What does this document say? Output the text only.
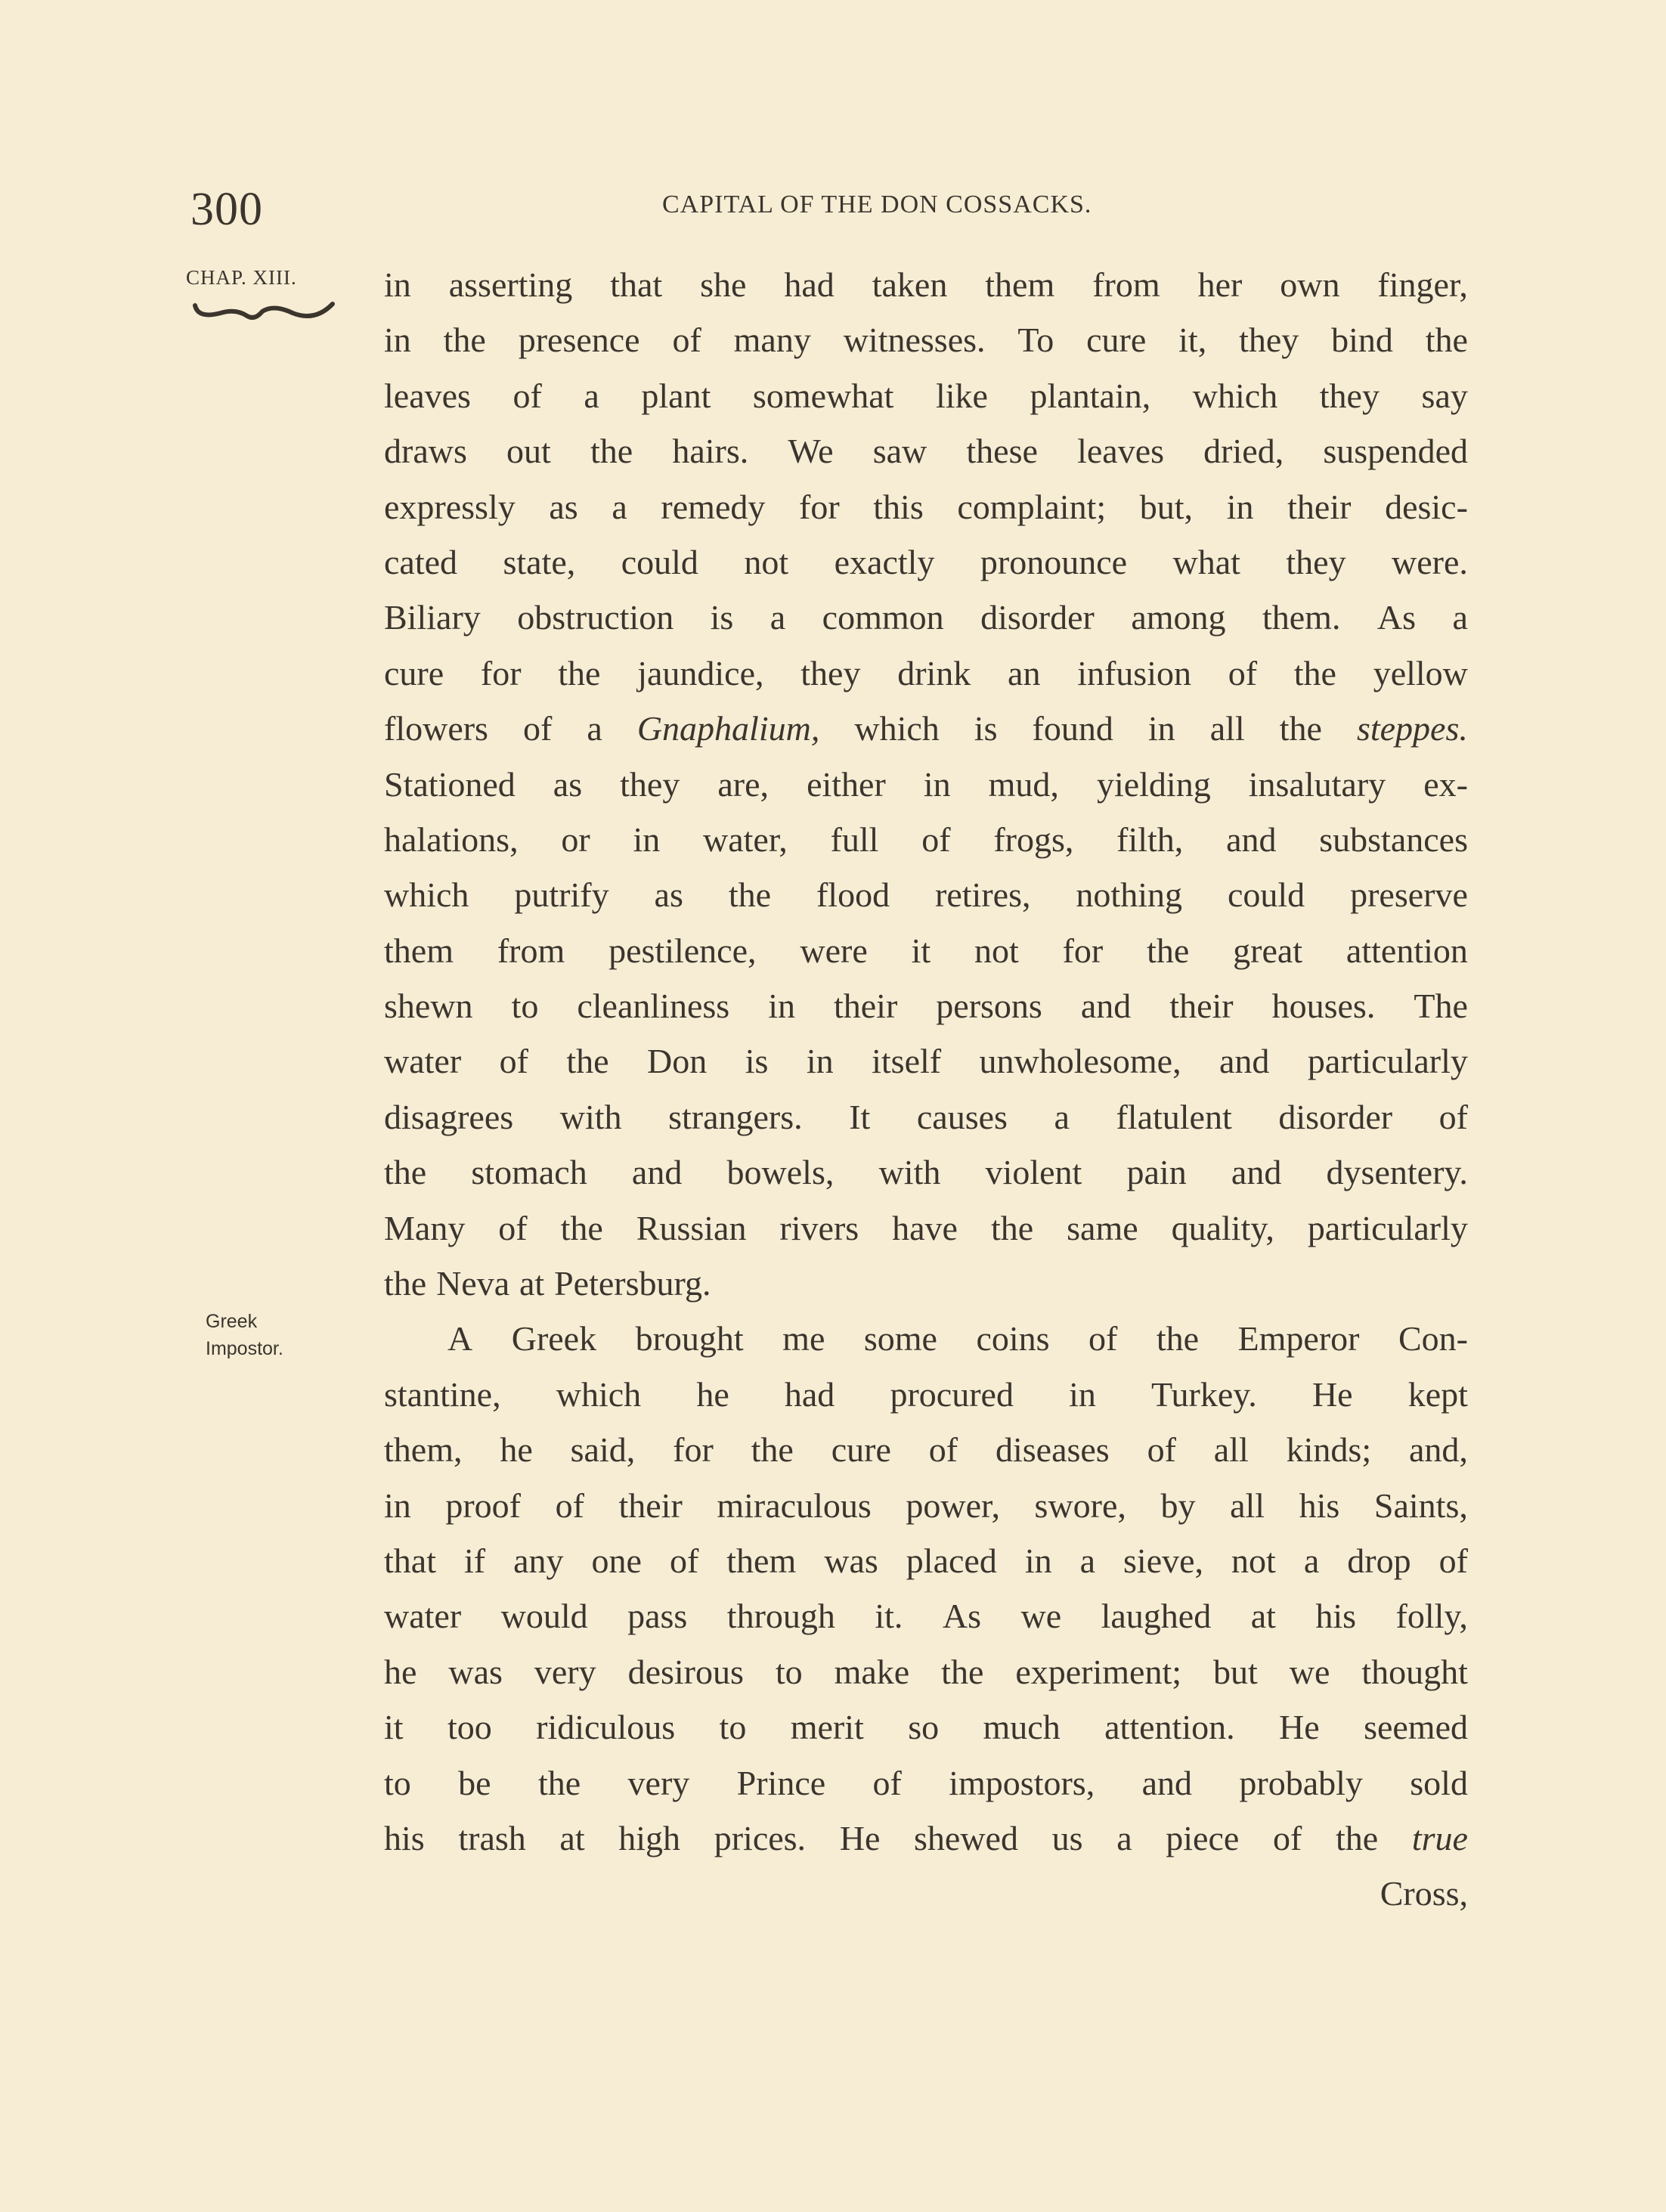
300	CAPITAL OF THE DON COSSACKS.
CHAP. XIII.
Greek
Impostor.
in asserting that she had taken them from her own finger,
in the presence of many witnesses. To cure it, they bind the
leaves of a plant somewhat like plantain, which they say
draws out the hairs. We saw these leaves dried, suspended
expressly as a remedy for this complaint; but, in their desic-
cated state, could not exactly pronounce what they were.
Biliary obstruction is a common disorder among them. As a
cure for the jaundice, they drink an infusion of the yellow
flowers of a Gnaphalium, which is found in all the steppes.
Stationed as they are, either in mud, yielding insalutary ex-
halations, or in water, full of frogs, filth, and substances
which putrify as the flood retires, nothing could preserve
them from pestilence, were it not for the great attention
shewn to cleanliness in their persons and their houses. The
water of the Don is in itself unwholesome, and particularly
disagrees with strangers. It causes a flatulent disorder of
the stomach and bowels, with violent pain and dysentery.
Many of the Russian rivers have the same quality, particularly
the Neva at Petersburg.
A Greek brought me some coins of the Emperor Con-
stantine, which he had procured in Turkey. He kept
them, he said, for the cure of diseases of all kinds; and,
in proof of their miraculous power, swore, by all his Saints,
that if any one of them was placed in a sieve, not a drop of
water would pass through it. As we laughed at his folly,
he was very desirous to make the experiment; but we thought
it too ridiculous to merit so much attention. He seemed
to be the very Prince of impostors, and probably sold
his trash at high prices. He shewed us a piece of the true
Cross,
